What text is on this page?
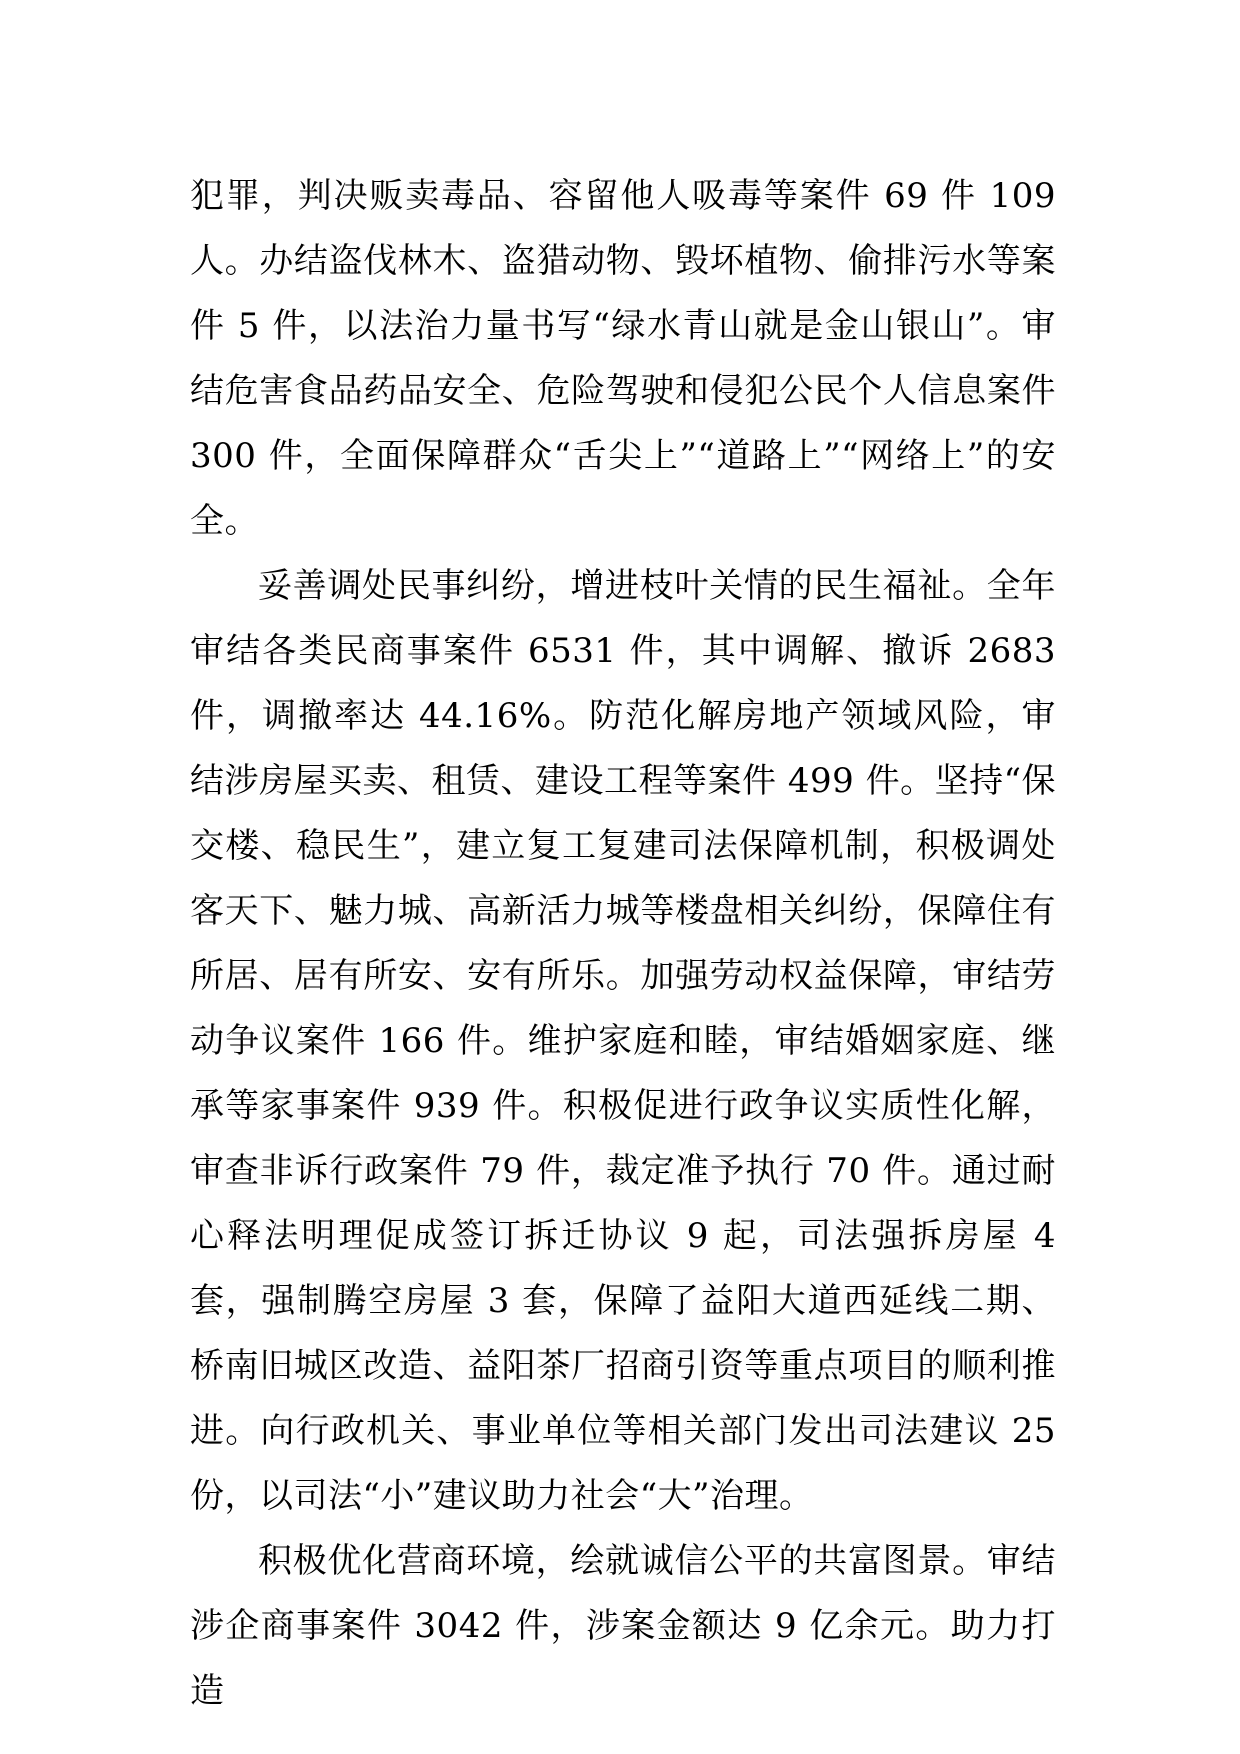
犯罪，判决贩卖毒品、容留他人吸毒等案件 69 件 109 人。办结盗伐林木、盗猎动物、毁坏植物、偷排污水等案件 5 件，以法治力量书写“绿水青山就是金山银山”。审结危害食品药品安全、危险驾驶和侵犯公民个人信息案件 300 件，全面保障群众“舌尖上”“道路上”“网络上”的安全。

妥善调处民事纠纷，增进枝叶关情的民生福祉。全年审结各类民商事案件 6531 件，其中调解、撤诉 2683 件，调撤率达 44.16%。防范化解房地产领域风险，审结涉房屋买卖、租赁、建设工程等案件 499 件。坚持“保交楼、稳民生”，建立复工复建司法保障机制，积极调处客天下、魅力城、高新活力城等楼盘相关纠纷，保障住有所居、居有所安、安有所乐。加强劳动权益保障，审结劳动争议案件 166 件。维护家庭和睦，审结婚姻家庭、继承等家事案件 939 件。积极促进行政争议实质性化解，审查非诉行政案件 79 件，裁定准予执行 70 件。通过耐心释法明理促成签订拆迁协议 9 起，司法强拆房屋 4 套，强制腾空房屋 3 套，保障了益阳大道西延线二期、桥南旧城区改造、益阳茶厂招商引资等重点项目的顺利推进。向行政机关、事业单位等相关部门发出司法建议 25 份，以司法“小”建议助力社会“大”治理。

积极优化营商环境，绘就诚信公平的共富图景。审结涉企商事案件 3042 件，涉案金额达 9 亿余元。助力打造
